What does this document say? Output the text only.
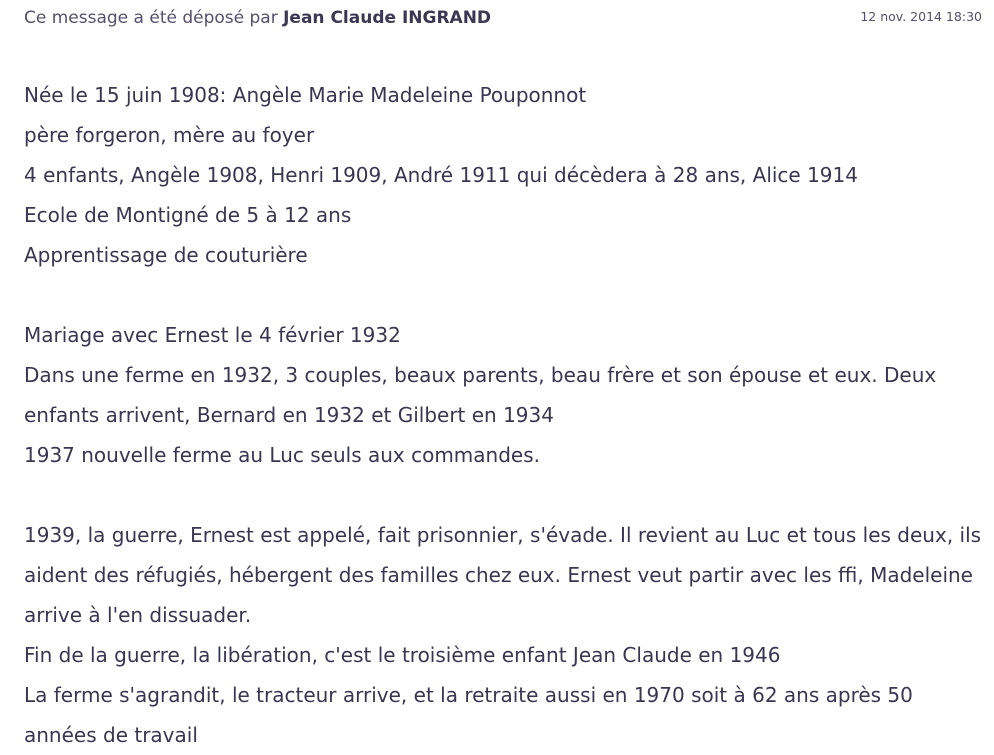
Ce message a été déposé par Jean Claude INGRAND	12 nov. 2014 18:30
Née le 15 juin 1908: Angèle Marie Madeleine Pouponnot
père forgeron, mère au foyer
4 enfants, Angèle 1908, Henri 1909, André 1911 qui décèdera à 28 ans, Alice 1914
Ecole de Montigné de 5 à 12 ans
Apprentissage de couturière
Mariage avec Ernest le 4 février 1932
Dans une ferme en 1932, 3 couples, beaux parents, beau frère et son épouse et eux. Deux
enfants arrivent, Bernard en 1932 et Gilbert en 1934
1937 nouvelle ferme au Luc seuls aux commandes.
1939, la guerre, Ernest est appelé, fait prisonnier, s'évade. Il revient au Luc et tous les deux, ils
aident des réfugiés, hébergent des familles chez eux. Ernest veut partir avec les ffi, Madeleine
arrive à l'en dissuader.
Fin de la guerre, la libération, c'est le troisième enfant Jean Claude en 1946
La ferme s'agrandit, le tracteur arrive, et la retraite aussi en 1970 soit à 62 ans après 50
années de travail
